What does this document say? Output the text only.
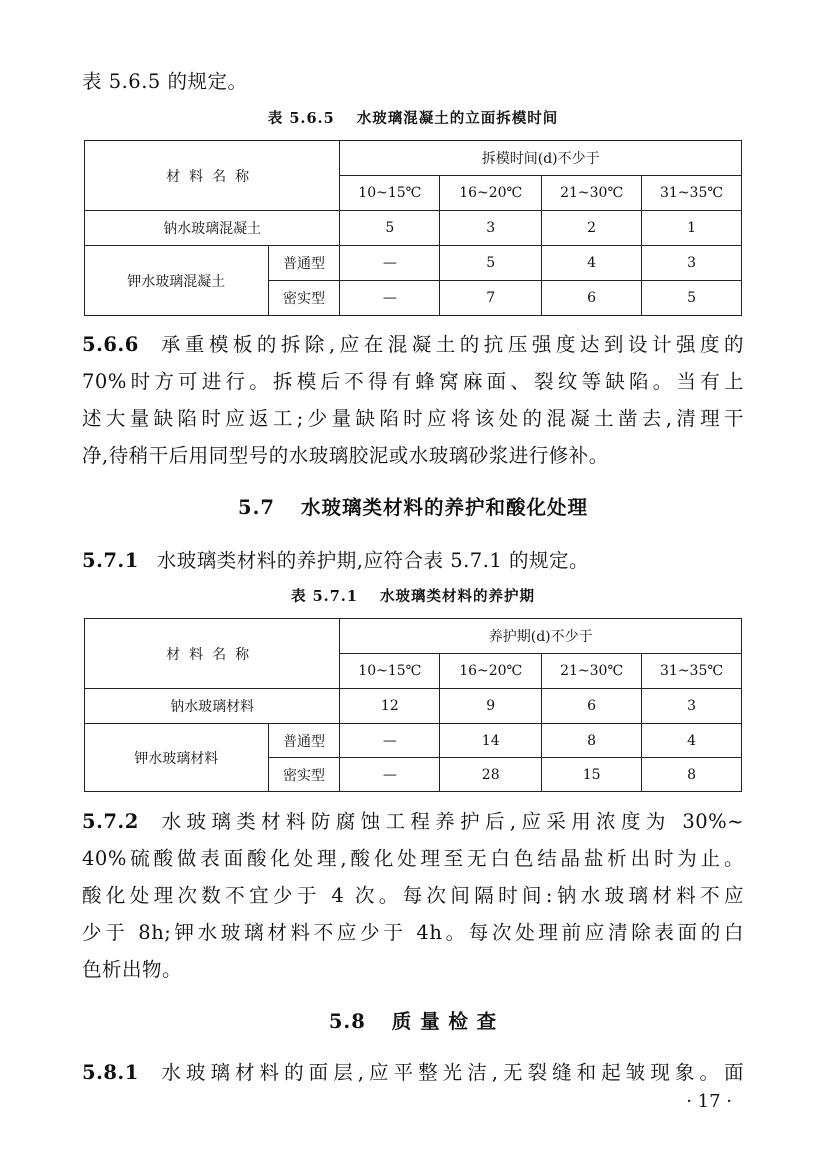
表 5.6.5 的规定。
表 5.6.5 水玻璃混凝土的立面拆模时间
材料名称		拆模时间(d)不少于			
		10~15℃	16~20℃	21~30℃	31~35℃
钠水玻璃混凝土		5	3	2	1
钾水玻璃混凝土	普通型	—	5	4	3
	密实型	—	7	6	5
5.6.6 承重模板的拆除,应在混凝土的抗压强度达到设计强度的
70%时方可进行。拆模后不得有蜂窝麻面、裂纹等缺陷。当有上
述大量缺陷时应返工;少量缺陷时应将该处的混凝土凿去,清理干
净,待稍干后用同型号的水玻璃胶泥或水玻璃砂浆进行修补。
5.7 水玻璃类材料的养护和酸化处理
5.7.1 水玻璃类材料的养护期,应符合表 5.7.1 的规定。
表 5.7.1 水玻璃类材料的养护期
材料名称		养护期(d)不少于			
		10~15℃	16~20℃	21~30℃	31~35℃
钠水玻璃材料		12	9	6	3
钾水玻璃材料	普通型	—	14	8	4
	密实型	—	28	15	8
5.7.2 水玻璃类材料防腐蚀工程养护后,应采用浓度为 30%~
40%硫酸做表面酸化处理,酸化处理至无白色结晶盐析出时为止。
酸化处理次数不宜少于 4 次。每次间隔时间:钠水玻璃材料不应
少于 8h;钾水玻璃材料不应少于 4h。每次处理前应清除表面的白
色析出物。
5.8 质 量 检 查
5.8.1 水玻璃材料的面层,应平整光洁,无裂缝和起皱现象。面
· 17 ·
